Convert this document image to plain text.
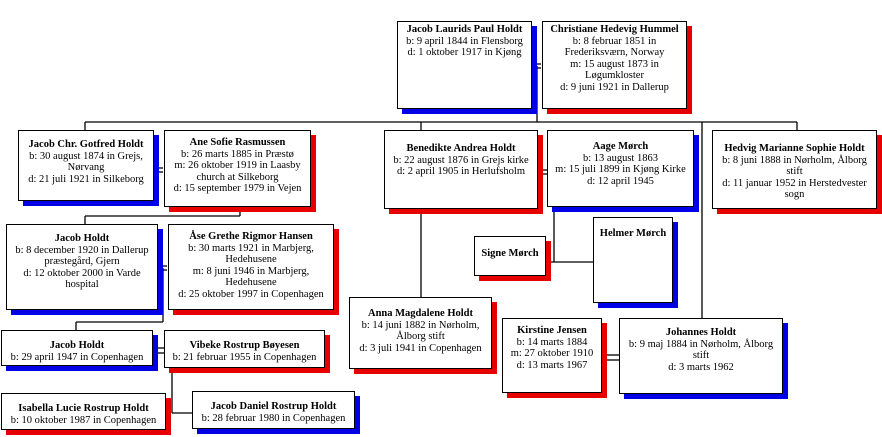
Jacob Laurids Paul Holdt
b: 9 april 1844 in Flensborg
d: 1 oktober 1917 in Kjøng
Christiane Hedevig Hummel
b: 8 februar 1851 in
Frederiksværn, Norway
m: 15 august 1873 in
Løgumkloster
d: 9 juni 1921 in Dallerup
Jacob Chr. Gotfred Holdt
b: 30 august 1874 in Grejs,
Nørvang
d: 21 juli 1921 in Silkeborg
Ane Sofie Rasmussen
b: 26 marts 1885 in Præstø
m: 26 oktober 1919 in Laasby
church at Silkeborg
d: 15 september 1979 in Vejen
Benedikte Andrea Holdt
b: 22 august 1876 in Grejs kirke
d: 2 april 1905 in Herlufsholm
Aage Mørch
b: 13 august 1863
m: 15 juli 1899 in Kjøng Kirke
d: 12 april 1945
Hedvig Marianne Sophie Holdt
b: 8 juni 1888 in Nørholm, Ålborg
stift
d: 11 januar 1952 in Herstedvester
sogn
Jacob Holdt
b: 8 december 1920 in Dallerup
præstegård, Gjern
d: 12 oktober 2000 in Varde
hospital
Åse Grethe Rigmor Hansen
b: 30 marts 1921 in Marbjerg,
Hedehusene
m: 8 juni 1946 in Marbjerg,
Hedehusene
d: 25 oktober 1997 in Copenhagen
Signe Mørch
Helmer Mørch
Anna Magdalene Holdt
b: 14 juni 1882 in Nørholm,
Ålborg stift
d: 3 juli 1941 in Copenhagen
Kirstine Jensen
b: 14 marts 1884
m: 27 oktober 1910
d: 13 marts 1967
Johannes Holdt
b: 9 maj 1884 in Nørholm, Ålborg
stift
d: 3 marts 1962
Jacob Holdt
b: 29 april 1947 in Copenhagen
Vibeke Rostrup Bøyesen
b: 21 februar 1955 in Copenhagen
Isabella Lucie Rostrup Holdt
b: 10 oktober 1987 in Copenhagen
Jacob Daniel Rostrup Holdt
b: 28 februar 1980 in Copenhagen
